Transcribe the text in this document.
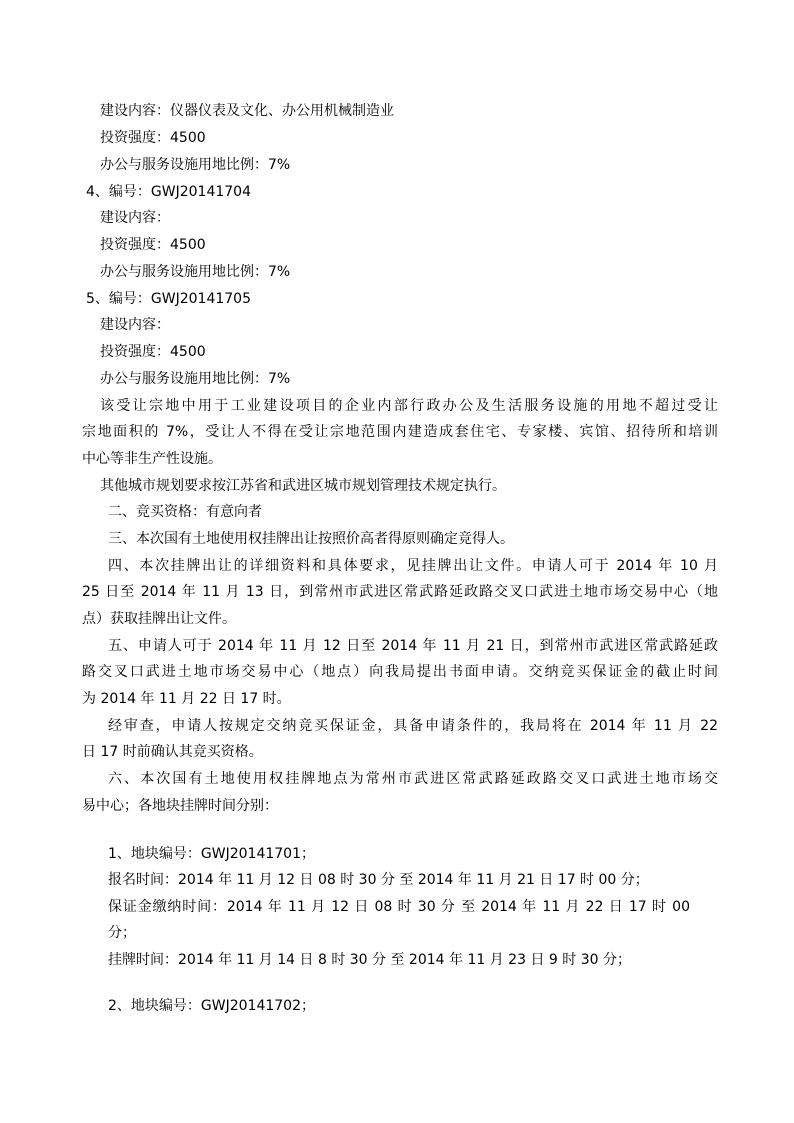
建设内容：仪器仪表及文化、办公用机械制造业
投资强度：4500
办公与服务设施用地比例：7%
4、编号：GWJ20141704
建设内容：
投资强度：4500
办公与服务设施用地比例：7%
5、编号：GWJ20141705
建设内容：
投资强度：4500
办公与服务设施用地比例：7%
该受让宗地中用于工业建设项目的企业内部行政办公及生活服务设施的用地不超过受让
宗地面积的 7%，受让人不得在受让宗地范围内建造成套住宅、专家楼、宾馆、招待所和培训
中心等非生产性设施。
其他城市规划要求按江苏省和武进区城市规划管理技术规定执行。
二、竞买资格：有意向者
三、本次国有土地使用权挂牌出让按照价高者得原则确定竞得人。
四、本次挂牌出让的详细资料和具体要求，见挂牌出让文件。申请人可于 2014 年 10 月
25 日至 2014 年 11 月 13 日，到常州市武进区常武路延政路交叉口武进土地市场交易中心（地
点）获取挂牌出让文件。
五、申请人可于 2014 年 11 月 12 日至 2014 年 11 月 21 日，到常州市武进区常武路延政
路交叉口武进土地市场交易中心（地点）向我局提出书面申请。交纳竞买保证金的截止时间
为 2014 年 11 月 22 日 17 时。
经审查，申请人按规定交纳竞买保证金，具备申请条件的，我局将在 2014 年 11 月 22
日 17 时前确认其竞买资格。
六、本次国有土地使用权挂牌地点为常州市武进区常武路延政路交叉口武进土地市场交
易中心；各地块挂牌时间分别：
1、地块编号：GWJ20141701；
报名时间：2014 年 11 月 12 日 08 时 30 分 至 2014 年 11 月 21 日 17 时 00 分；
保证金缴纳时间：2014 年 11 月 12 日 08 时 30 分 至 2014 年 11 月 22 日 17 时 00
分；
挂牌时间：2014 年 11 月 14 日 8 时 30 分 至 2014 年 11 月 23 日 9 时 30 分；
2、地块编号：GWJ20141702；
